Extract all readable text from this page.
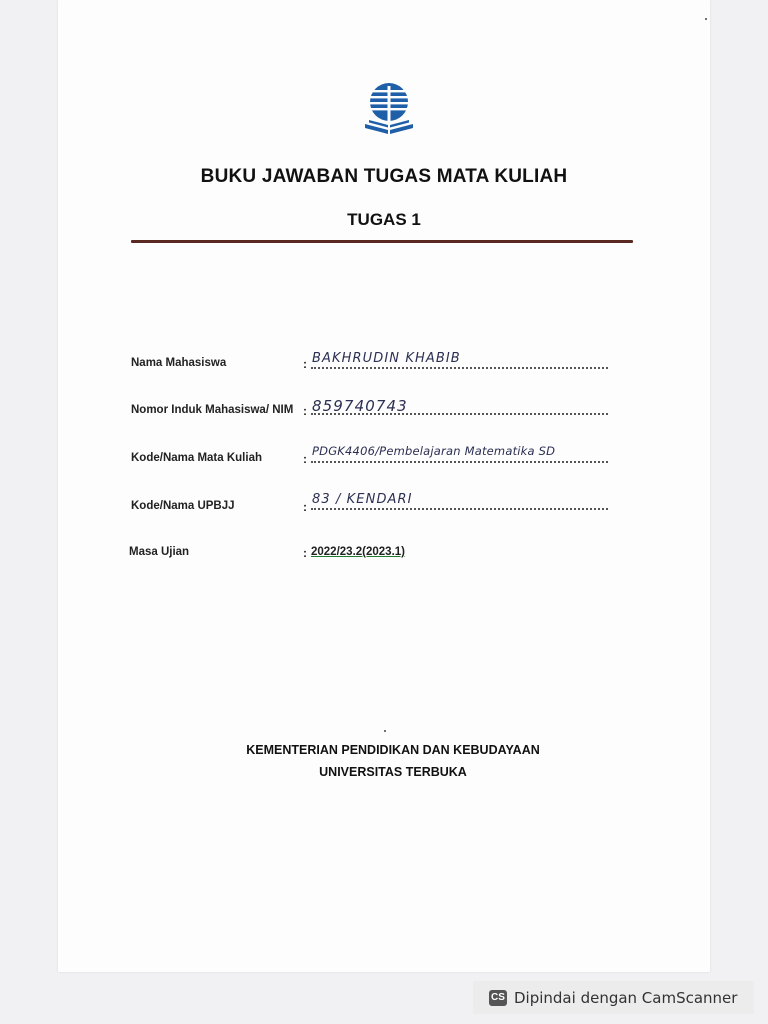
BUKU JAWABAN TUGAS MATA KULIAH
TUGAS 1
Nama Mahasiswa	: BAKHRUDIN KHABIB
Nomor Induk Mahasiswa/ NIM : 859740743
Kode/Nama Mata Kuliah	:
PDGK4406/Pembelajaran Matematika SD
Kode/Nama UPBJJ	: 83 / KENDARI
Masa Ujian	: 2022/23.2(2023.1)
KEMENTERIAN PENDIDIKAN DAN KEBUDAYAAN
UNIVERSITAS TERBUKA
CS Dipindai dengan CamScanner
